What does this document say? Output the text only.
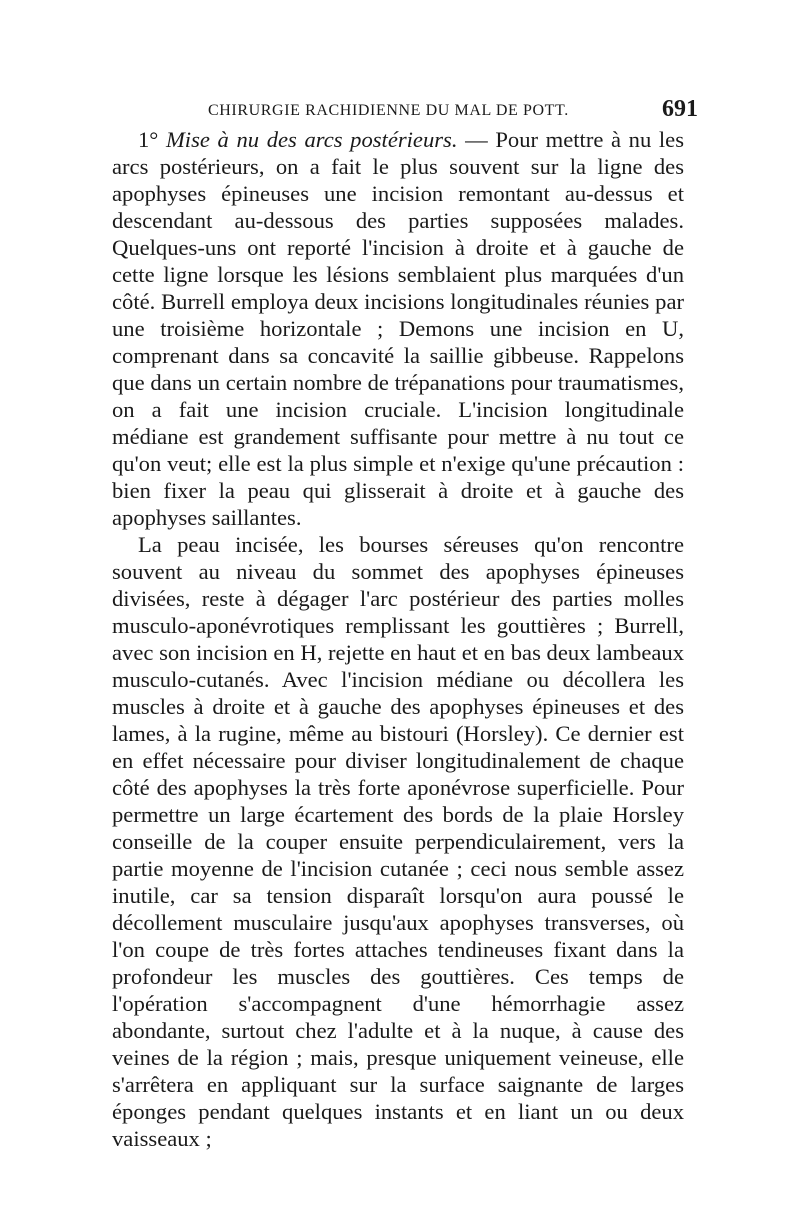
CHIRURGIE RACHIDIENNE DU MAL DE POTT.	691

1° Mise à nu des arcs postérieurs. — Pour mettre à nu les arcs postérieurs, on a fait le plus souvent sur la ligne des apophyses épineuses une incision remontant au-dessus et descendant au-dessous des parties supposées malades. Quelques-uns ont reporté l'incision à droite et à gauche de cette ligne lorsque les lésions semblaient plus marquées d'un côté. Burrell employa deux incisions longitudinales réunies par une troisième horizontale ; Demons une incision en U, comprenant dans sa concavité la saillie gibbeuse. Rappelons que dans un certain nombre de trépanations pour traumatismes, on a fait une incision cruciale. L'incision longitudinale médiane est grandement suffisante pour mettre à nu tout ce qu'on veut; elle est la plus simple et n'exige qu'une précaution : bien fixer la peau qui glisserait à droite et à gauche des apophyses saillantes.

La peau incisée, les bourses séreuses qu'on rencontre souvent au niveau du sommet des apophyses épineuses divisées, reste à dégager l'arc postérieur des parties molles musculo-aponévrotiques remplissant les gouttières ; Burrell, avec son incision en H, rejette en haut et en bas deux lambeaux musculo-cutanés. Avec l'incision médiane ou décollera les muscles à droite et à gauche des apophyses épineuses et des lames, à la rugine, même au bistouri (Horsley). Ce dernier est en effet nécessaire pour diviser longitudinalement de chaque côté des apophyses la très forte aponévrose superficielle. Pour permettre un large écartement des bords de la plaie Horsley conseille de la couper ensuite perpendiculairement, vers la partie moyenne de l'incision cutanée ; ceci nous semble assez inutile, car sa tension disparaît lorsqu'on aura poussé le décollement musculaire jusqu'aux apophyses transverses, où l'on coupe de très fortes attaches tendineuses fixant dans la profondeur les muscles des gouttières. Ces temps de l'opération s'accompagnent d'une hémorrhagie assez abondante, surtout chez l'adulte et à la nuque, à cause des veines de la région ; mais, presque uniquement veineuse, elle s'arrêtera en appliquant sur la surface saignante de larges éponges pendant quelques instants et en liant un ou deux vaisseaux ;
